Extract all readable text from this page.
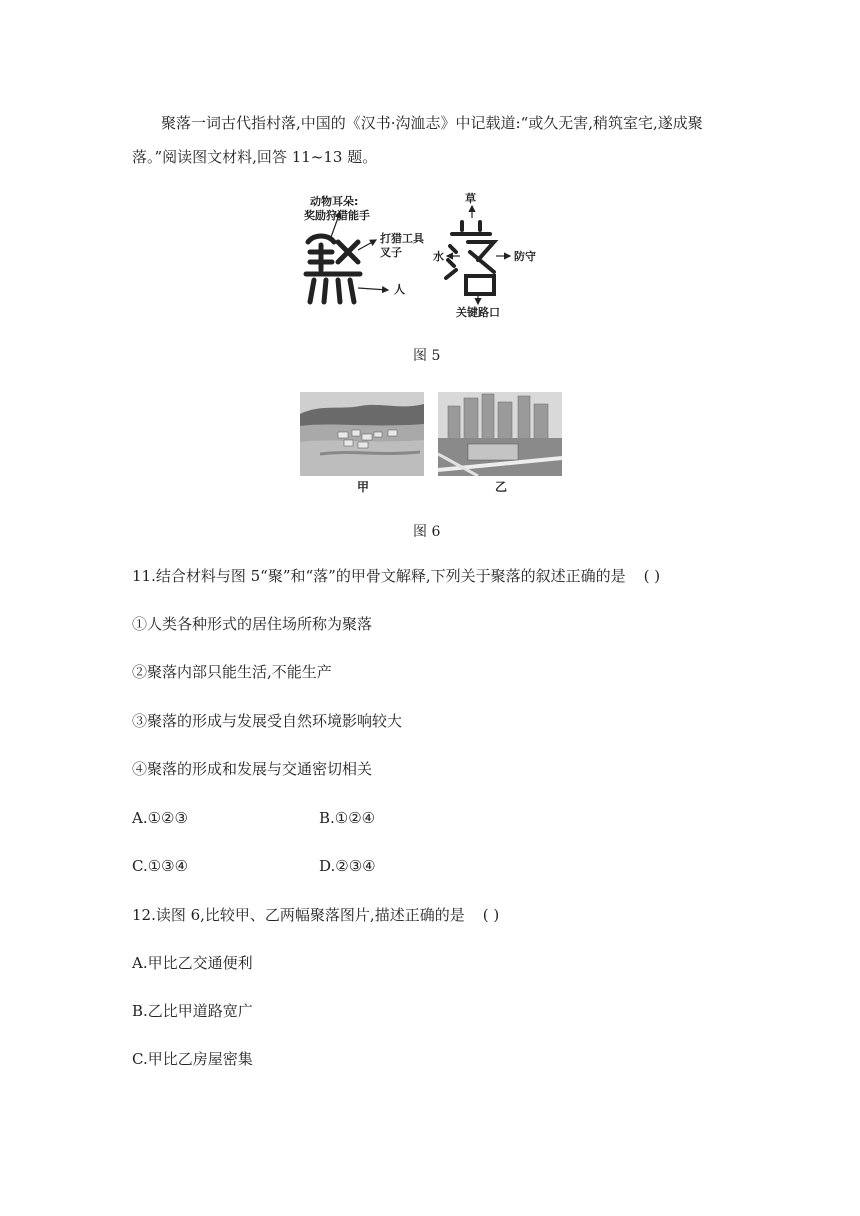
聚落一词古代指村落,中国的《汉书·沟洫志》中记载道:“或久无害,稍筑室宅,遂成聚
落。”阅读图文材料,回答 11~13 题。
动物耳朵:
奖励狩猎能手
打猎工具
叉子
人
草
水	防守
关键路口
图 5
甲	乙
图 6
11.结合材料与图 5“聚”和“落”的甲骨文解释,下列关于聚落的叙述正确的是 ( )
①人类各种形式的居住场所称为聚落
②聚落内部只能生活,不能生产
③聚落的形成与发展受自然环境影响较大
④聚落的形成和发展与交通密切相关
A.①②③	B.①②④
C.①③④	D.②③④
12.读图 6,比较甲、乙两幅聚落图片,描述正确的是 ( )
A.甲比乙交通便利
B.乙比甲道路宽广
C.甲比乙房屋密集
